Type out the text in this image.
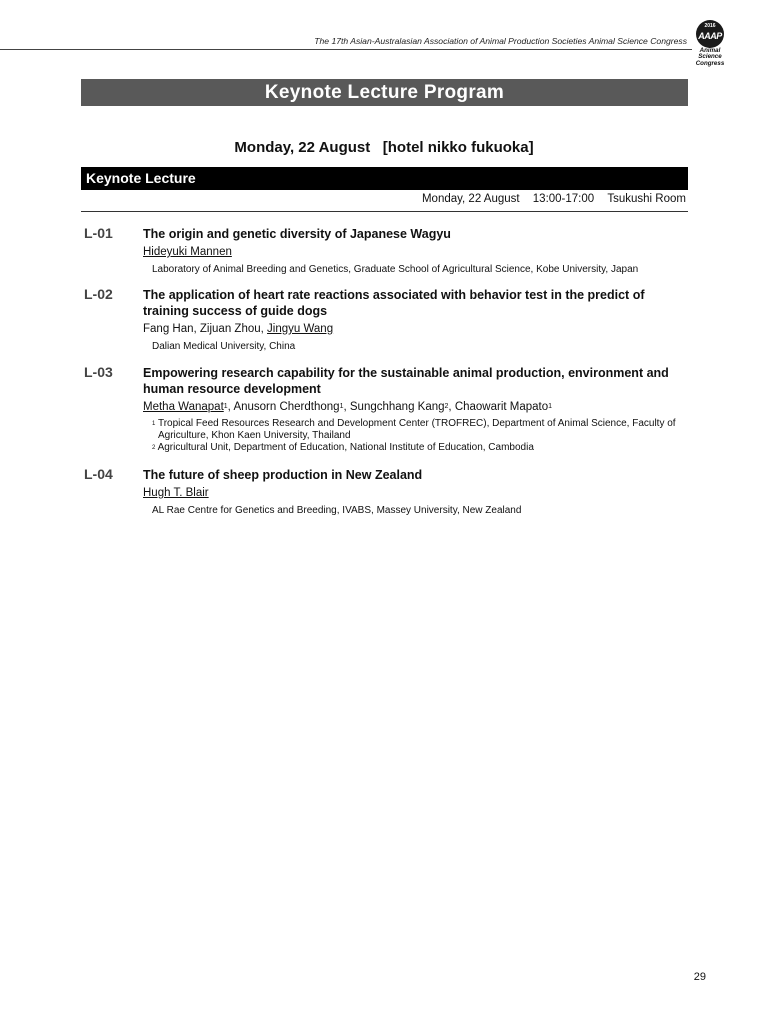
The 17th Asian-Australasian Association of Animal Production Societies Animal Science Congress
2016
AAAP
Animal
Science
Congress
Keynote Lecture Program
Monday, 22 August   [hotel nikko fukuoka]
Keynote Lecture
Monday, 22 August 13:00-17:00 Tsukushi Room
L-01 The origin and genetic diversity of Japanese Wagyu
Hideyuki Mannen
Laboratory of Animal Breeding and Genetics, Graduate School of Agricultural Science, Kobe University, Japan
L-02 The application of heart rate reactions associated with behavior test in the predict of training success of guide dogs
Fang Han, Zijuan Zhou, Jingyu Wang
Dalian Medical University, China
L-03 Empowering research capability for the sustainable animal production, environment and human resource development
Metha Wanapat$^1$, Anusorn Cherdthong$^1$, Sungchhang Kang$^2$, Chaowarit Mapato$^1$
$^1$ Tropical Feed Resources Research and Development Center (TROFREC), Department of Animal Science, Faculty of Agriculture, Khon Kaen University, Thailand
$^2$ Agricultural Unit, Department of Education, National Institute of Education, Cambodia
L-04 The future of sheep production in New Zealand
Hugh T. Blair
AL Rae Centre for Genetics and Breeding, IVABS, Massey University, New Zealand
29
